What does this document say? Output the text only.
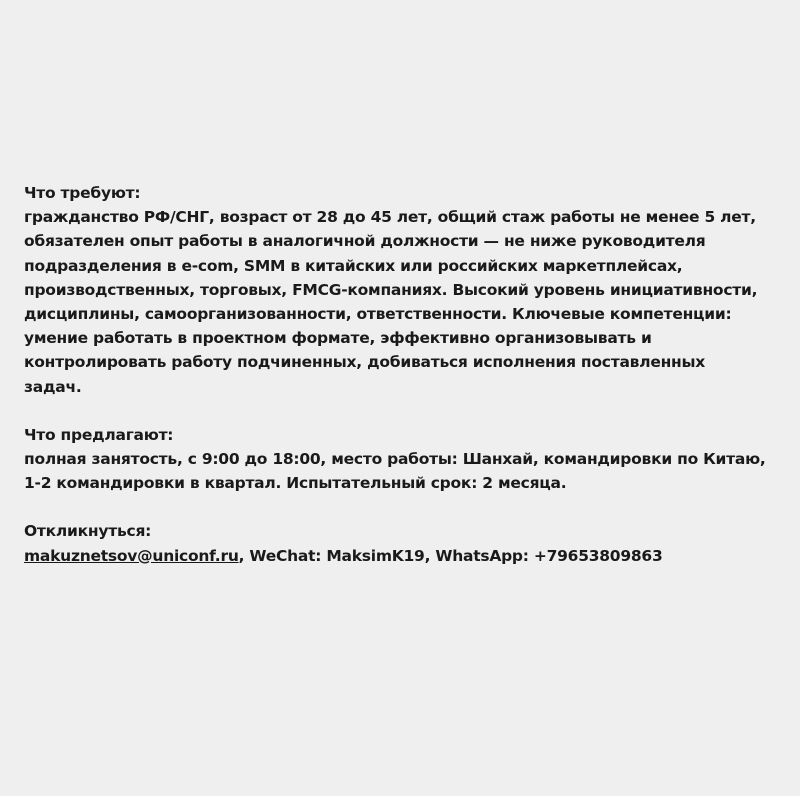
Что требуют:

гражданство РФ/СНГ, возраст от 28 до 45 лет, общий стаж работы не менее 5 лет,

обязателен опыт работы в аналогичной должности — не ниже руководителя

подразделения в e-com, SMM в китайских или российских маркетплейсах,

производственных, торговых, FMCG-компаниях. Высокий уровень инициативности,

дисциплины, самоорганизованности, ответственности. Ключевые компетенции:

умение работать в проектном формате, эффективно организовывать и

контролировать работу подчиненных, добиваться исполнения поставленных

задач.

Что предлагают:

полная занятость, с 9:00 до 18:00, место работы: Шанхай, командировки по Китаю,

1-2 командировки в квартал. Испытательный срок: 2 месяца.

Откликнуться:

makuznetsov@uniconf.ru, WeChat: MaksimK19, WhatsApp: +79653809863
